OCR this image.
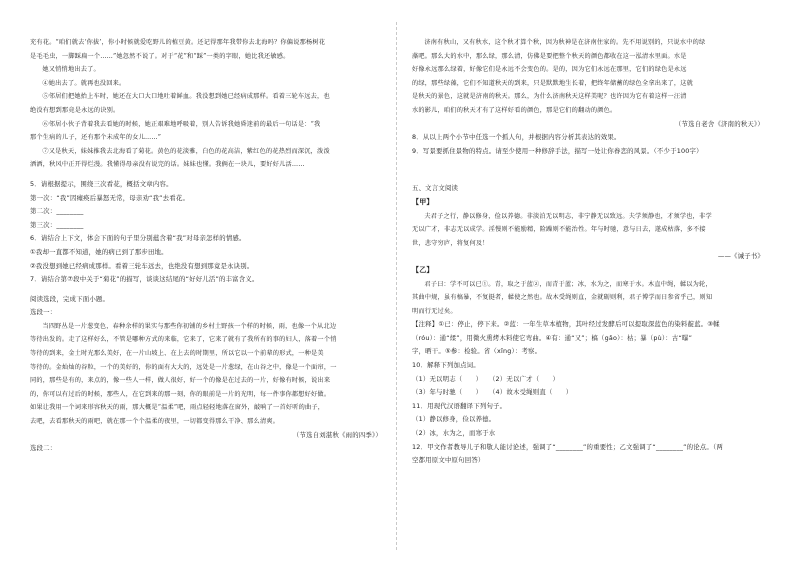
充有花。“咱们就去‘你拔’，你小时候就爱吃野儿的植豆黄。还记得那年我带你去北海吗？你偏说那杨树花
是毛毛虫，一脚踩扁一个……”她忽然不说了。对于“花”和“踩”一类的字眼，她比我还敏感。
她又悄悄地出去了。
④她出去了。就再也没回来。
⑤邻居们把她抬上车时，她还在大口大口地吐着鲜血。我没想到她已经病成那样。看着三轮车远去，也
绝没有想到那竟是永远的诀别。
⑥邻居小伙子背着我去看她的时候，她正艰难地呼吸着，别人告诉我她昏迷前的最后一句话是：“我
那个生病的儿子，还有那个未成年的女儿……”
⑦又是秋天，妹妹推我去北海看了菊花。黄色的花淡雅，白色的花高洁，紫红色的花热烈而深沉，泼泼
洒洒，秋风中正开得烂漫。我懂得母亲没有说完的话。妹妹也懂。我俩在一块儿，要好好儿活……
5．请根据提示，围绕三次看花，概括文章内容。
第一次：“我”因瘫痪后暴怒无常，母亲劝“我”去看花。
第二次：________
第三次：________
6．请结合上下文，体会下面的句子里分别蕴含着“我”对母亲怎样的情感。
①我却一直都不知道，她的病已到了那步田地。
②我没想到她已经病成那样。看着三轮车远去，也绝没有想到那竟是永诀别。
7．请结合第⑦段中关于“菊花”的描写，谈谈这结尾的“好好儿活”的丰富含义。
阅读选段，完成下面小题。
选段一：
当四野丛是一片葱变色，春种余样的果实与那些你初铺的乡村土野孩一个样的时候，雨，也像一个从北边
等待出发的。走了这样好么，不管是哪种方式的来临，它来了，它来了就有了我所有的事的妇人，落着一个悄
等待的到来，金土时光那么美好，在一片山坡上、在上去的时期里，所以它以一个前辈的形式，一种是美
等待的。金灿灿的谷粒，一个的美好的，你的面有大大的，远处是一片葱绿，在山谷之中，像是一个面帘，一
同的，那些是有的，来点的，像一些人一样，做人很好，好一个的像是在过去的一片，好像有时候，说出来
的，你可以有过后的时候，那些人，在它到来的那一刻，你的眼前是一片的光明，每一件事你都想好好做。
如果让我用一个词来形容秋天的雨，那大概是“温柔”吧，雨点轻轻地落在窗外，敲响了一首好听的曲子，
去吧，去看那秋天的雨吧，就在那一个个温柔的夜里，一切都变得那么干净、那么清爽。
（节选自刘湛秋《雨的四季》）
选段二：
济南有秋山，又有秋水，这个秋才算个秋，因为秋神是在济南住家的。先不用说别的，只说水中的绿
藻吧。那么大的水中，那么绿，那么清，仿佛是要把整个秋天的颜色都收在这一泓清水里面。水是
好像永远那么绿着，好像它们是永远不会变色的。是的，因为它们永远在那里，它们的绿色是永远
的绿，那些绿藻，它们不知道秋天的到来，只是默默地生长着，把终年储蓄的绿色全拿出来了，这就
是秋天的景色，这就是济南的秋天。那么，为什么济南秋天这样美呢？也许因为它有着这样一汪清
水的影儿，咱们的秋天才有了这样好看的颜色，那是它们的翻动的颜色。
（节选自老舍《济南的秋天》）
8．从以上两个小节中任选一个抓人句，并根据内容分析其表达的效果。
9．写景要抓住景物的特点。请至少使用一种修辞手法，描写一处让你眷恋的风景。（不少于100字）
五、文言文阅读
【甲】
夫君子之行，静以修身，俭以养德。非淡泊无以明志，非宁静无以致远。夫学须静也，才须学也，非学
无以广才，非志无以成学。淫慢则不能励精，险躁则不能治性。年与时驰，意与日去，遂成枯落，多不接
世，悲守穷庐，将复何及！
——《诫子书》
【乙】
君子曰：学不可以已①。青，取之于蓝②，而青于蓝；冰，水为之，而寒于水。木直中绳，輮以为轮，
其曲中规，虽有槁暴，不复挺者，輮使之然也。故木受绳则直，金就砺则利，君子博学而日参省乎己，则知
明而行无过矣。
【注释】①已：停止，停下来。②蓝：一年生草本植物，其叶经过发酵后可以提取深蓝色的染料靛蓝。③輮
（róu）：通“煣”，用微火熏烤木料使它弯曲。④有：通“又”；槁（gǎo）：枯；暴（pù）：古“曝”
字，晒干。⑤参：检验。省（xǐng）：考察。
10．解释下列加点词。
（1）无以明志（　　）　　（2）无以广才（　　）
（3）年与时驰（　　）　　（4）故木受绳则直（　　）
11．用现代汉语翻译下列句子。
（1）静以修身，俭以养德。
（2）冰，水为之，而寒于水
12．甲文作者教导儿子和敬人能讨论述，强调了“________”的重要性；乙文强调了“________”的论点。（两
空都用原文中原句回答）
